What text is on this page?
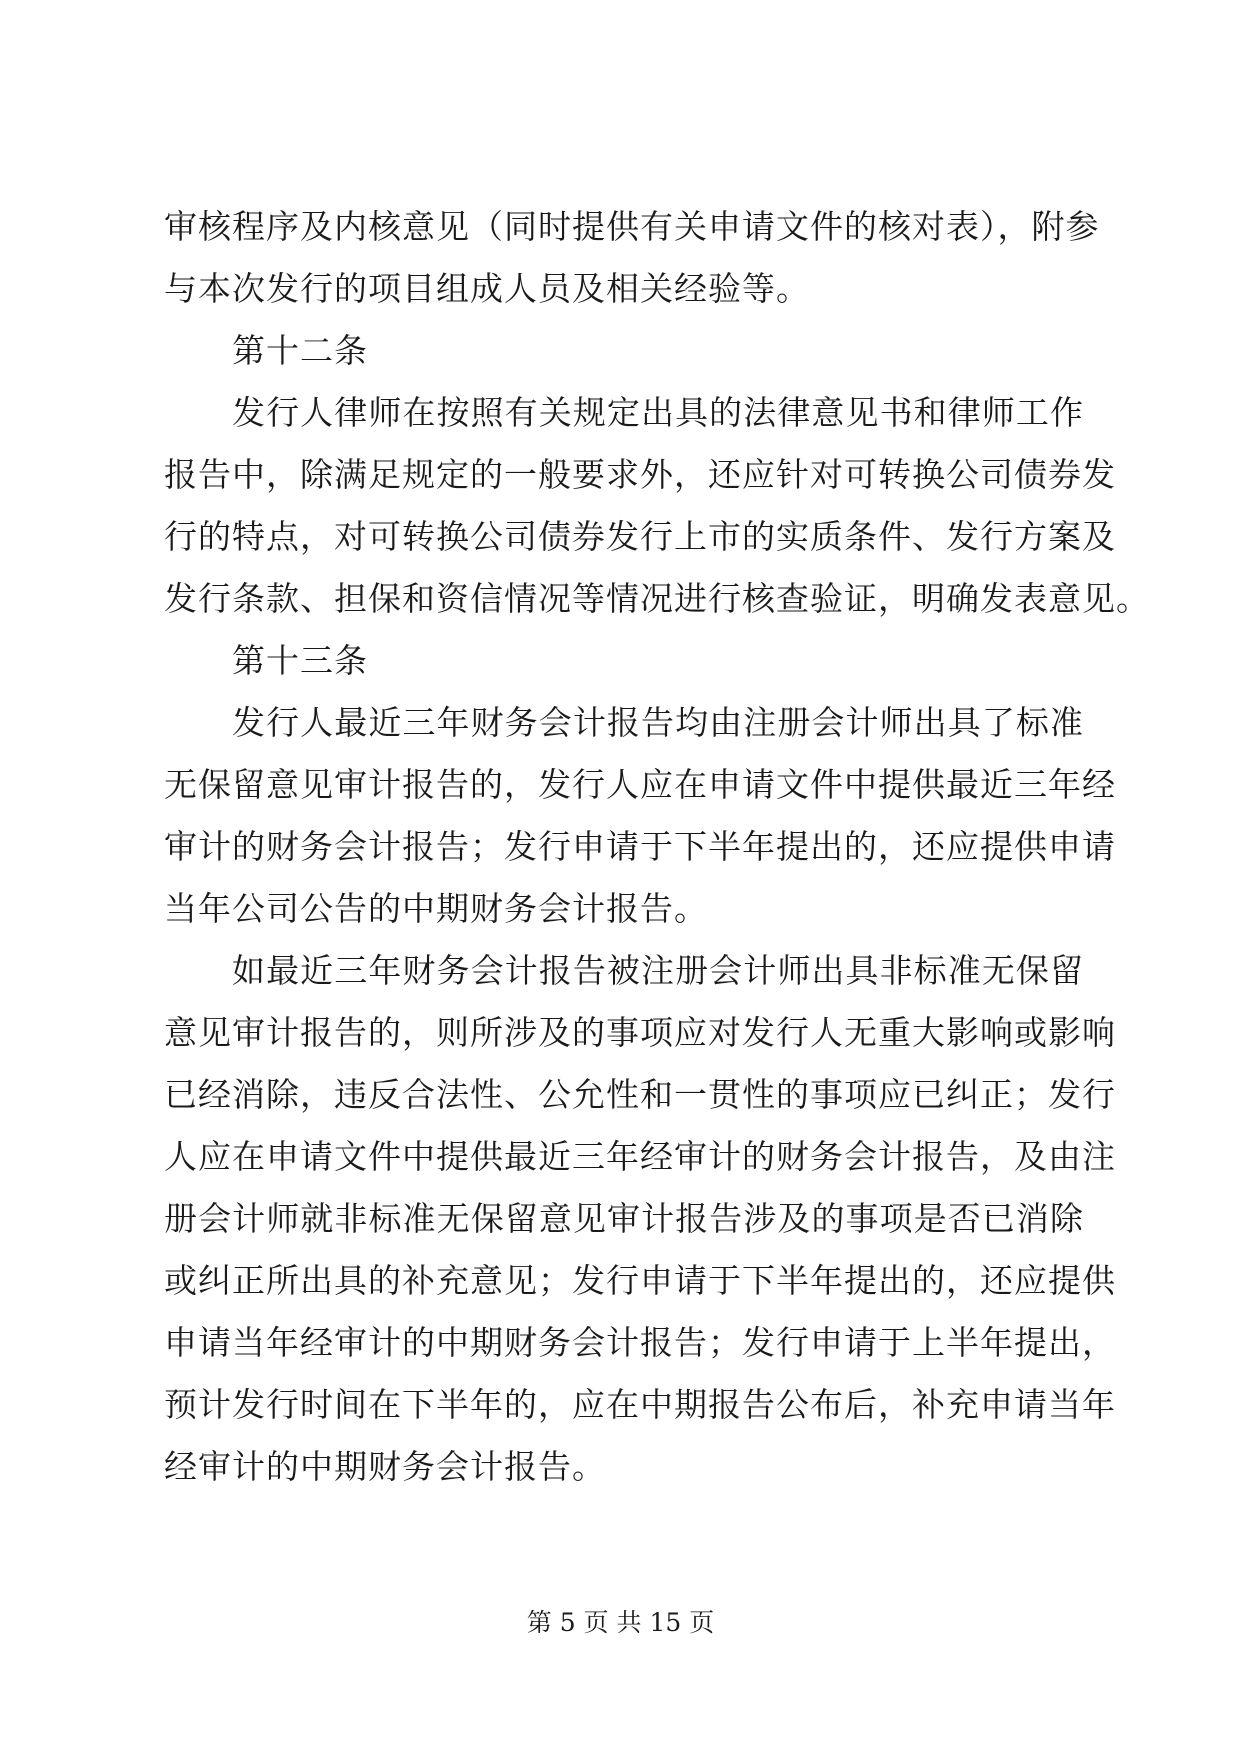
审核程序及内核意见（同时提供有关申请文件的核对表），附参
与本次发行的项目组成人员及相关经验等。
第十二条
发行人律师在按照有关规定出具的法律意见书和律师工作
报告中，除满足规定的一般要求外，还应针对可转换公司债券发
行的特点，对可转换公司债券发行上市的实质条件、发行方案及
发行条款、担保和资信情况等情况进行核查验证，明确发表意见。
第十三条
发行人最近三年财务会计报告均由注册会计师出具了标准
无保留意见审计报告的，发行人应在申请文件中提供最近三年经
审计的财务会计报告；发行申请于下半年提出的，还应提供申请
当年公司公告的中期财务会计报告。
如最近三年财务会计报告被注册会计师出具非标准无保留
意见审计报告的，则所涉及的事项应对发行人无重大影响或影响
已经消除，违反合法性、公允性和一贯性的事项应已纠正；发行
人应在申请文件中提供最近三年经审计的财务会计报告，及由注
册会计师就非标准无保留意见审计报告涉及的事项是否已消除
或纠正所出具的补充意见；发行申请于下半年提出的，还应提供
申请当年经审计的中期财务会计报告；发行申请于上半年提出，
预计发行时间在下半年的，应在中期报告公布后，补充申请当年
经审计的中期财务会计报告。
第 5 页 共 15 页
